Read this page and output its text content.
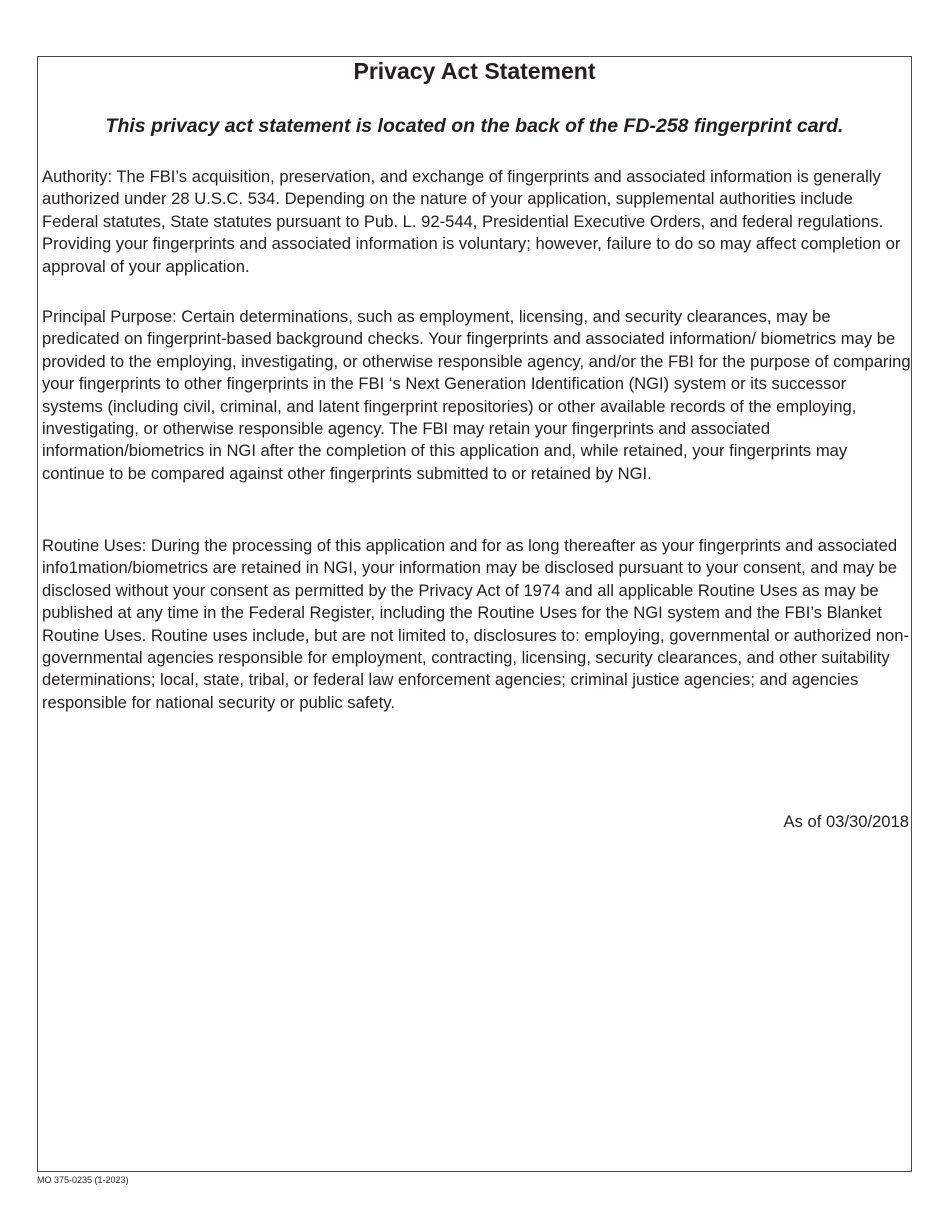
Privacy Act Statement
This privacy act statement is located on the back of the FD-258 fingerprint card.

Authority: The FBI’s acquisition, preservation, and exchange of fingerprints and associated information is generally authorized under 28 U.S.C. 534. Depending on the nature of your application, supplemental authorities include Federal statutes, State statutes pursuant to Pub. L. 92-544, Presidential Executive Orders, and federal regulations. Providing your fingerprints and associated information is voluntary; however, failure to do so may affect completion or approval of your application.

Principal Purpose: Certain determinations, such as employment, licensing, and security clearances, may be predicated on fingerprint-based background checks. Your fingerprints and associated information/ biometrics may be provided to the employing, investigating, or otherwise responsible agency, and/or the FBI for the purpose of comparing your fingerprints to other fingerprints in the FBI ‘s Next Generation Identification (NGI) system or its successor systems (including civil, criminal, and latent fingerprint repositories) or other available records of the employing, investigating, or otherwise responsible agency. The FBI may retain your fingerprints and associated information/biometrics in NGI after the completion of this application and, while retained, your fingerprints may continue to be compared against other fingerprints submitted to or retained by NGI.

Routine Uses: During the processing of this application and for as long thereafter as your fingerprints and associated info1mation/biometrics are retained in NGI, your information may be disclosed pursuant to your consent, and may be disclosed without your consent as permitted by the Privacy Act of 1974 and all applicable Routine Uses as may be published at any time in the Federal Register, including the Routine Uses for the NGI system and the FBI’s Blanket Routine Uses. Routine uses include, but are not limited to, disclosures to: employing, governmental or authorized non-governmental agencies responsible for employment, contracting, licensing, security clearances, and other suitability determinations; local, state, tribal, or federal law enforcement agencies; criminal justice agencies; and agencies responsible for national security or public safety.

As of 03/30/2018

MO 375-0235 (1-2023)
